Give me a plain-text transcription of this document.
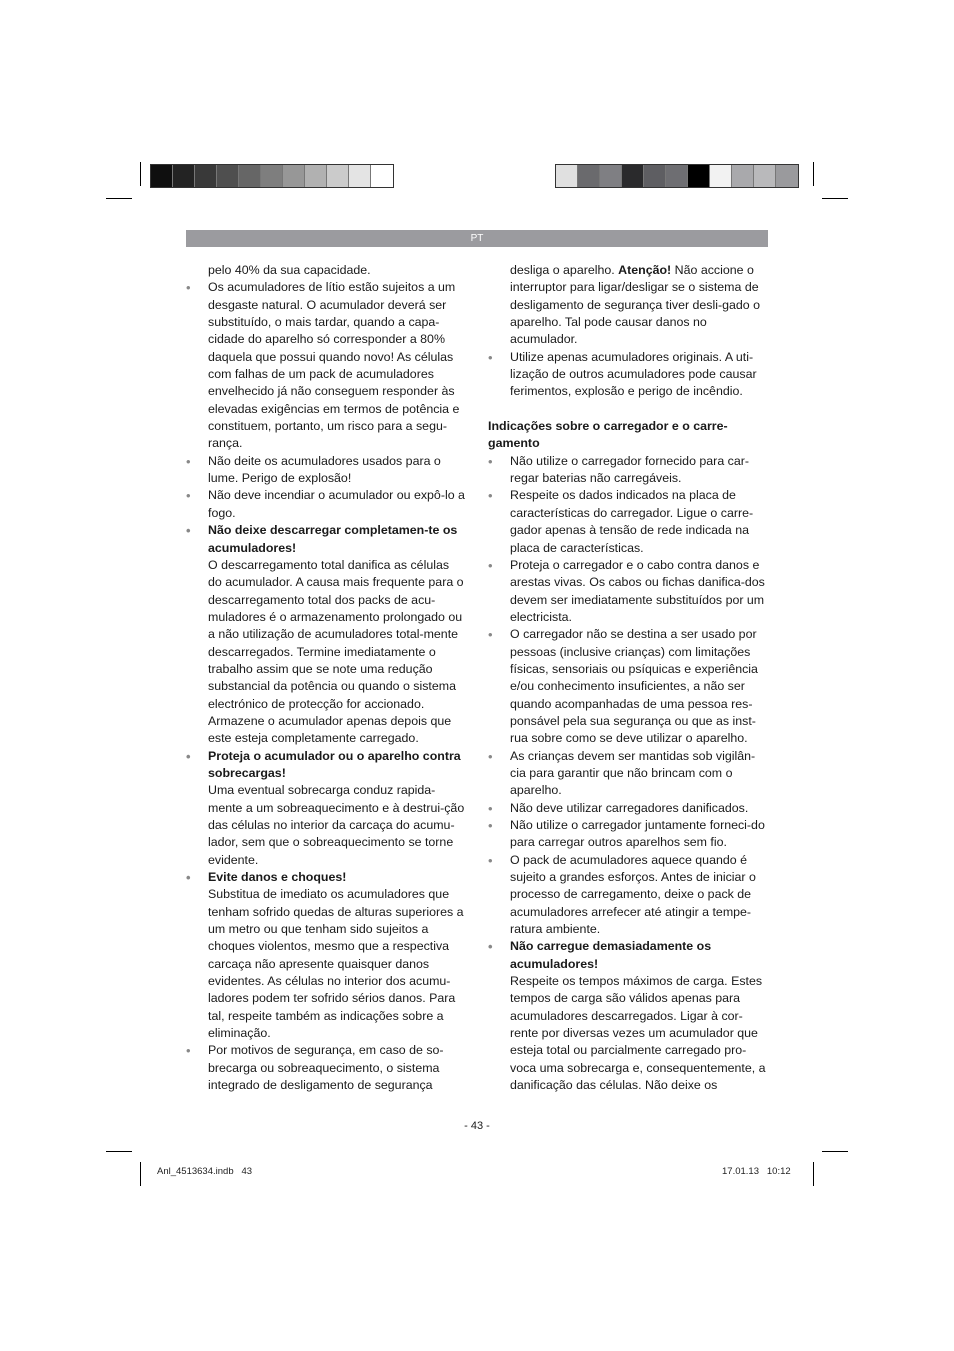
PT

pelo 40% da sua capacidade.

• Os acumuladores de lítio estão sujeitos a um desgaste natural. O acumulador deverá ser substituído, o mais tardar, quando a capa-cidade do aparelho só corresponder a 80% daquela que possui quando novo! As células com falhas de um pack de acumuladores envelhecido já não conseguem responder às elevadas exigências em termos de potência e constituem, portanto, um risco para a segu-rança.

• Não deite os acumuladores usados para o lume. Perigo de explosão!

• Não deve incendiar o acumulador ou expô-lo a fogo.

• Não deixe descarregar completamen-te os acumuladores!

O descarregamento total danifica as células do acumulador. A causa mais frequente para o descarregamento total dos packs de acu-muladores é o armazenamento prolongado ou a não utilização de acumuladores total-mente descarregados. Termine imediatamente o trabalho assim que se note uma redução substancial da potência ou quando o sistema electrónico de protecção for accionado. Armazene o acumulador apenas depois que este esteja completamente carregado.

• Proteja o acumulador ou o aparelho contra sobrecargas!

Uma eventual sobrecarga conduz rapida-mente a um sobreaquecimento e à destrui-ção das células no interior da carcaça do acumu-lador, sem que o sobreaquecimento se torne evidente.

• Evite danos e choques!

Substitua de imediato os acumuladores que tenham sofrido quedas de alturas superiores a um metro ou que tenham sido sujeitos a choques violentos, mesmo que a respectiva carcaça não apresente quaisquer danos evidentes. As células no interior dos acumu-ladores podem ter sofrido sérios danos. Para tal, respeite também as indicações sobre a eliminação.

• Por motivos de segurança, em caso de so-brecarga ou sobreaquecimento, o sistema integrado de desligamento de segurança

desliga o aparelho. Atenção! Não accione o interruptor para ligar/desligar se o sistema de desligamento de segurança tiver desli-gado o aparelho. Tal pode causar danos no acumulador.

• Utilize apenas acumuladores originais. A uti-lização de outros acumuladores pode causar ferimentos, explosão e perigo de incêndio.

Indicações sobre o carregador e o carre-gamento

• Não utilize o carregador fornecido para car-regar baterias não carregáveis.

• Respeite os dados indicados na placa de características do carregador. Ligue o carre-gador apenas à tensão de rede indicada na placa de características.

• Proteja o carregador e o cabo contra danos e arestas vivas. Os cabos ou fichas danifica-dos devem ser imediatamente substituídos por um electricista.

• O carregador não se destina a ser usado por pessoas (inclusive crianças) com limitações físicas, sensoriais ou psíquicas e experiência e/ou conhecimento insuficientes, a não ser quando acompanhadas de uma pessoa res-ponsável pela sua segurança ou que as inst-rua sobre como se deve utilizar o aparelho.

• As crianças devem ser mantidas sob vigilân-cia para garantir que não brincam com o aparelho.

• Não deve utilizar carregadores danificados.

• Não utilize o carregador juntamente forneci-do para carregar outros aparelhos sem fio.

• O pack de acumuladores aquece quando é sujeito a grandes esforços. Antes de iniciar o processo de carregamento, deixe o pack de acumuladores arrefecer até atingir a tempe-ratura ambiente.

• Não carregue demasiadamente os acumuladores!

Respeite os tempos máximos de carga. Estes tempos de carga são válidos apenas para acumuladores descarregados. Ligar à cor-rente por diversas vezes um acumulador que esteja total ou parcialmente carregado pro-voca uma sobrecarga e, consequentemente, a danificação das células. Não deixe os

- 43 -
Anl_4513634.indb   43	17.01.13   10:12
